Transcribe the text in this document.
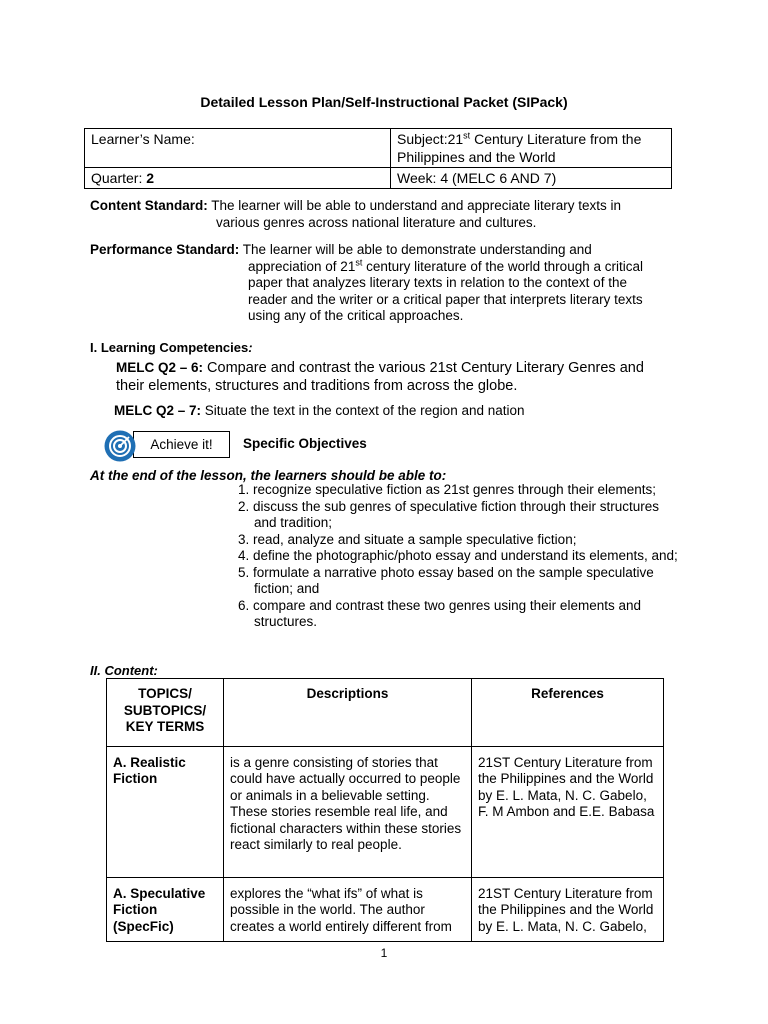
Detailed Lesson Plan/Self-Instructional Packet (SIPack)
Learner’s Name:	Subject:21st Century Literature from the Philippines and the World
Quarter: 2	Week: 4 (MELC 6 AND 7)
Content Standard: The learner will be able to understand and appreciate literary texts in
various genres across national literature and cultures.
Performance Standard: The learner will be able to demonstrate understanding and
appreciation of 21st century literature of the world through a critical
paper that analyzes literary texts in relation to the context of the
reader and the writer or a critical paper that interprets literary texts
using any of the critical approaches.
I. Learning Competencies:
MELC Q2 – 6: Compare and contrast the various 21st Century Literary Genres and their elements, structures and traditions from across the globe.
MELC Q2 – 7: Situate the text in the context of the region and nation
Achieve it!	Specific Objectives
At the end of the lesson, the learners should be able to:
1. recognize speculative fiction as 21st genres through their elements;
2. discuss the sub genres of speculative fiction through their structures and tradition;
3. read, analyze and situate a sample speculative fiction;
4. define the photographic/photo essay and understand its elements, and;
5. formulate a narrative photo essay based on the sample speculative fiction; and
6. compare and contrast these two genres using their elements and structures.
II. Content:
TOPICS/ SUBTOPICS/ KEY TERMS	Descriptions	References
A. Realistic Fiction	is a genre consisting of stories that could have actually occurred to people or animals in a believable setting. These stories resemble real life, and fictional characters within these stories react similarly to real people.	21ST Century Literature from the Philippines and the World by E. L. Mata, N. C. Gabelo, F. M Ambon and E.E. Babasa
A. Speculative Fiction (SpecFic)	explores the “what ifs” of what is possible in the world. The author creates a world entirely different from	21ST Century Literature from the Philippines and the World by E. L. Mata, N. C. Gabelo,
1
